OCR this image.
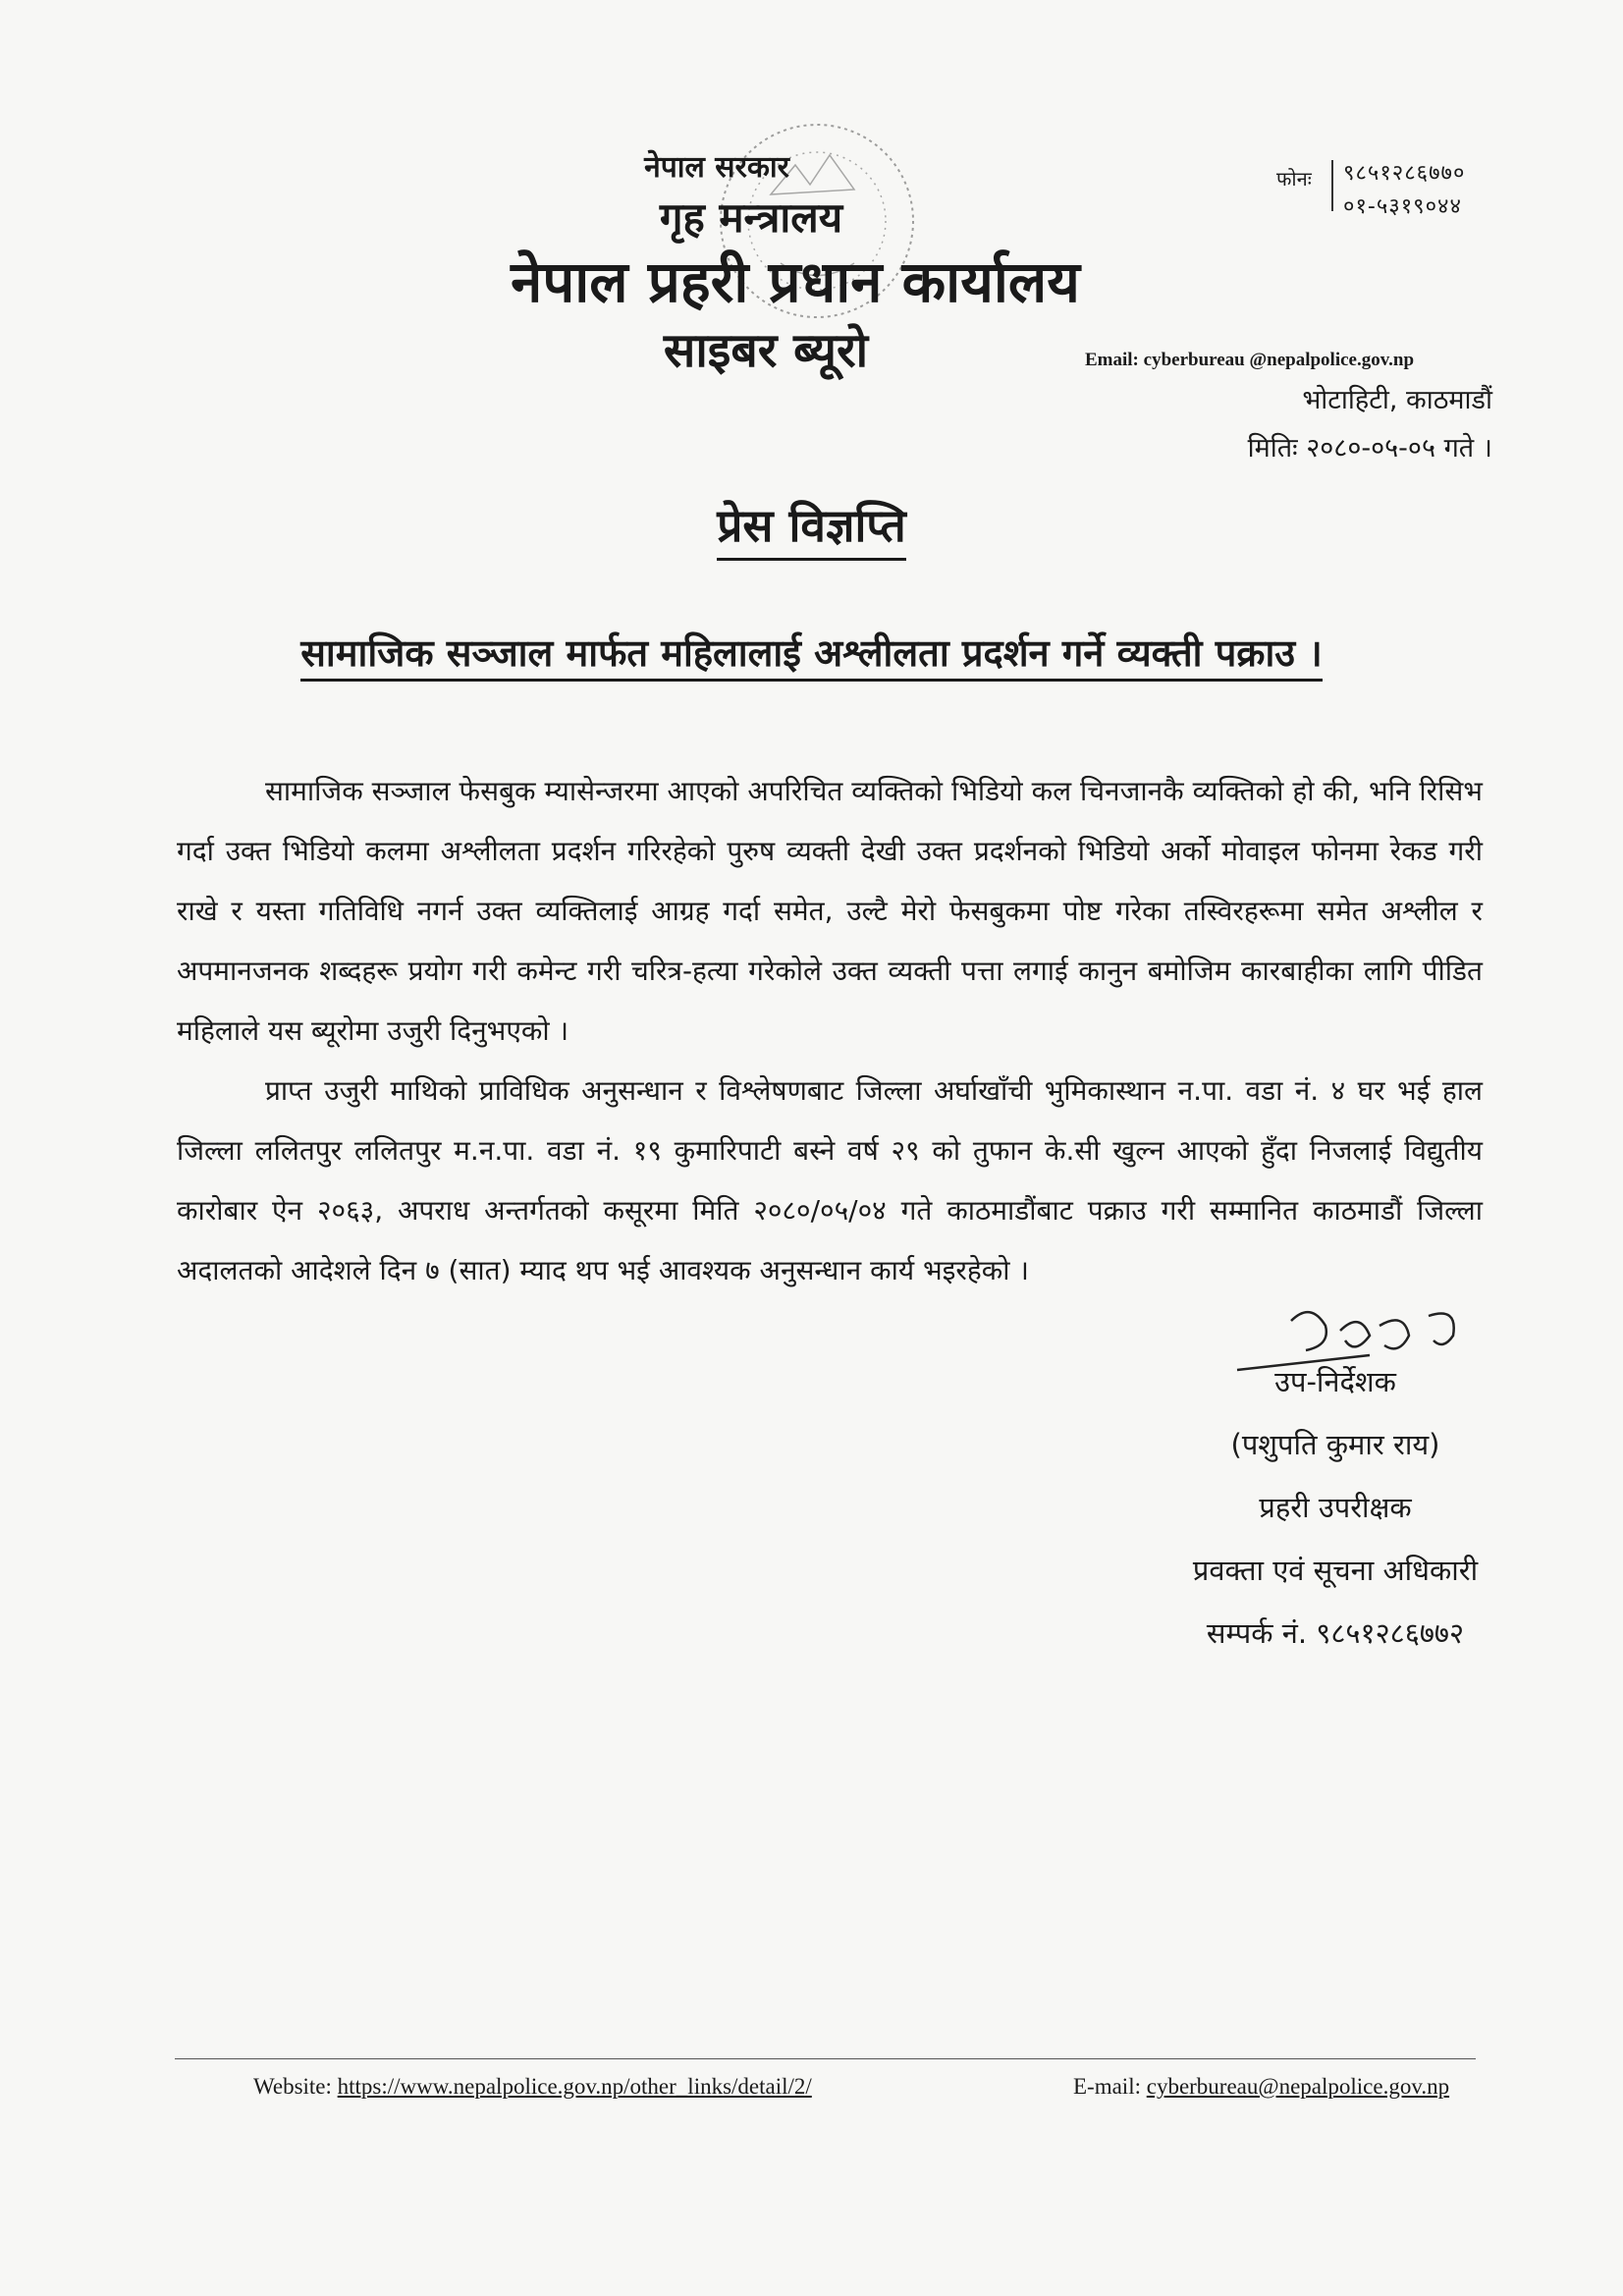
नेपाल सरकार
गृह मन्त्रालय
नेपाल प्रहरी प्रधान कार्यालय
साइबर ब्यूरो
फोनः ९८५१२८६७७०
०१-५३१९०४४
Email: cyberbureau @nepalpolice.gov.np
भोटाहिटी, काठमाडौं
मितिः २०८०-०५-०५ गते ।
प्रेस विज्ञप्ति
सामाजिक सञ्जाल मार्फत महिलालाई अश्लीलता प्रदर्शन गर्ने व्यक्ती पक्राउ ।

सामाजिक सञ्जाल फेसबुक म्यासेन्जरमा आएको अपरिचित व्यक्तिको भिडियो कल चिनजानकै व्यक्तिको हो की, भनि रिसिभ गर्दा उक्त भिडियो कलमा अश्लीलता प्रदर्शन गरिरहेको पुरुष व्यक्ती देखी उक्त प्रदर्शनको भिडियो अर्को मोवाइल फोनमा रेकड गरी राखे र यस्ता गतिविधि नगर्न उक्त व्यक्तिलाई आग्रह गर्दा समेत, उल्टै मेरो फेसबुकमा पोष्ट गरेका तस्विरहरूमा समेत अश्लील र अपमानजनक शब्दहरू प्रयोग गरी कमेन्ट गरी चरित्र-हत्या गरेकोले उक्त व्यक्ती पत्ता लगाई कानुन बमोजिम कारबाहीका लागि पीडित महिलाले यस ब्यूरोमा उजुरी दिनुभएको ।

प्राप्त उजुरी माथिको प्राविधिक अनुसन्धान र विश्लेषणबाट जिल्ला अर्घाखाँची भुमिकास्थान न.पा. वडा नं. ४ घर भई हाल जिल्ला ललितपुर ललितपुर म.न.पा. वडा नं. १९ कुमारिपाटी बस्ने वर्ष २९ को तुफान के.सी खुल्न आएको हुँदा निजलाई विद्युतीय कारोबार ऐन २०६३, अपराध अन्तर्गतको कसूरमा मिति २०८०/०५/०४ गते काठमाडौंबाट पक्राउ गरी सम्मानित काठमाडौं जिल्ला अदालतको आदेशले दिन ७ (सात) म्याद थप भई आवश्यक अनुसन्धान कार्य भइरहेको ।

उप-निर्देशक
(पशुपति कुमार राय)
प्रहरी उपरीक्षक
प्रवक्ता एवं सूचना अधिकारी
सम्पर्क नं. ९८५१२८६७७२
Website: https://www.nepalpolice.gov.np/other_links/detail/2/	E-mail: cyberbureau@nepalpolice.gov.np
